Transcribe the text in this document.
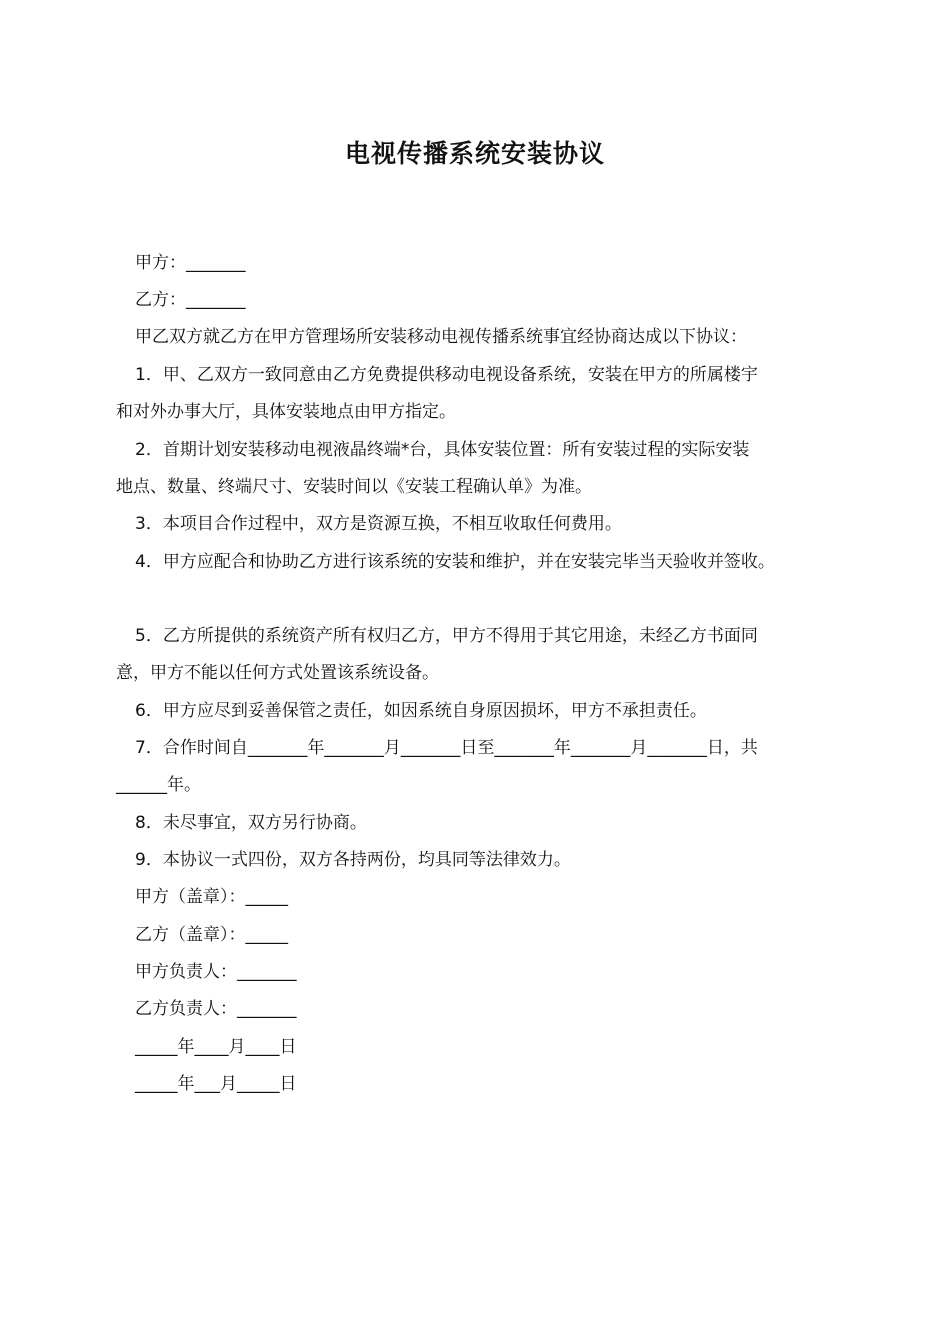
电视传播系统安装协议
甲方：_______
乙方：_______
甲乙双方就乙方在甲方管理场所安装移动电视传播系统事宜经协商达成以下协议：
1．甲、乙双方一致同意由乙方免费提供移动电视设备系统，安装在甲方的所属楼宇
和对外办事大厅，具体安装地点由甲方指定。
2．首期计划安装移动电视液晶终端*台，具体安装位置：所有安装过程的实际安装
地点、数量、终端尺寸、安装时间以《安装工程确认单》为准。
3．本项目合作过程中，双方是资源互换，不相互收取任何费用。
4．甲方应配合和协助乙方进行该系统的安装和维护，并在安装完毕当天验收并签收。
5．乙方所提供的系统资产所有权归乙方，甲方不得用于其它用途，未经乙方书面同
意，甲方不能以任何方式处置该系统设备。
6．甲方应尽到妥善保管之责任，如因系统自身原因损坏，甲方不承担责任。
7．合作时间自_______年_______月_______日至_______年_______月_______日，共
______年。
8．未尽事宜，双方另行协商。
9．本协议一式四份，双方各持两份，均具同等法律效力。
甲方（盖章）：_____
乙方（盖章）：_____
甲方负责人：_______
乙方负责人：_______
_____年____月____日
_____年___月_____日
